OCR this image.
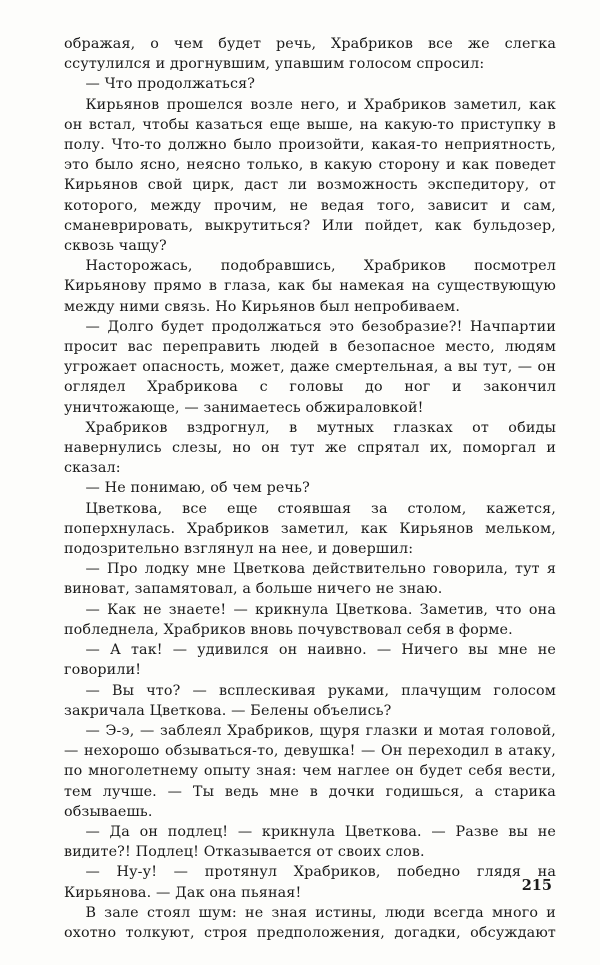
ображая, о чем будет речь, Храбриков все же слегка ссутулился и дрогнувшим, упавшим голосом спросил:

— Что продолжаться?

Кирьянов прошелся возле него, и Храбриков заметил, как он встал, чтобы казаться еще выше, на какую-то приступку в полу. Что-то должно было произойти, какая-то неприятность, это было ясно, неясно только, в какую сторону и как поведет Кирьянов свой цирк, даст ли возможность экспедитору, от которого, между прочим, не ведая того, зависит и сам, сманеврировать, выкрутиться? Или пойдет, как бульдозер, сквозь чащу?

Насторожась, подобравшись, Храбриков посмотрел Кирьянову прямо в глаза, как бы намекая на существующую между ними связь. Но Кирьянов был непробиваем.

— Долго будет продолжаться это безобразие?! Начпартии просит вас переправить людей в безопасное место, людям угрожает опасность, может, даже смертельная, а вы тут, — он оглядел Храбрикова с головы до ног и закончил уничтожающе, — занимаетесь обжираловкой!

Храбриков вздрогнул, в мутных глазках от обиды навернулись слезы, но он тут же спрятал их, поморгал и сказал:

— Не понимаю, об чем речь?

Цветкова, все еще стоявшая за столом, кажется, поперхнулась. Храбриков заметил, как Кирьянов мельком, подозрительно взглянул на нее, и довершил:

— Про лодку мне Цветкова действительно говорила, тут я виноват, запамятовал, а больше ничего не знаю.

— Как не знаете! — крикнула Цветкова. Заметив, что она побледнела, Храбриков вновь почувствовал себя в форме.

— А так! — удивился он наивно. — Ничего вы мне не говорили!

— Вы что? — всплескивая руками, плачущим голосом закричала Цветкова. — Белены объелись?

— Э-э, — заблеял Храбриков, щуря глазки и мотая головой, — нехорошо обзываться-то, девушка! — Он переходил в атаку, по многолетнему опыту зная: чем наглее он будет себя вести, тем лучше. — Ты ведь мне в дочки годишься, а старика обзываешь.

— Да он подлец! — крикнула Цветкова. — Разве вы не видите?! Подлец! Отказывается от своих слов.

— Ну-у! — протянул Храбриков, победно глядя на Кирьянова. — Дак она пьяная!

В зале стоял шум: не зная истины, люди всегда много и охотно толкуют, строя предположения, догадки, обсуждают

215
